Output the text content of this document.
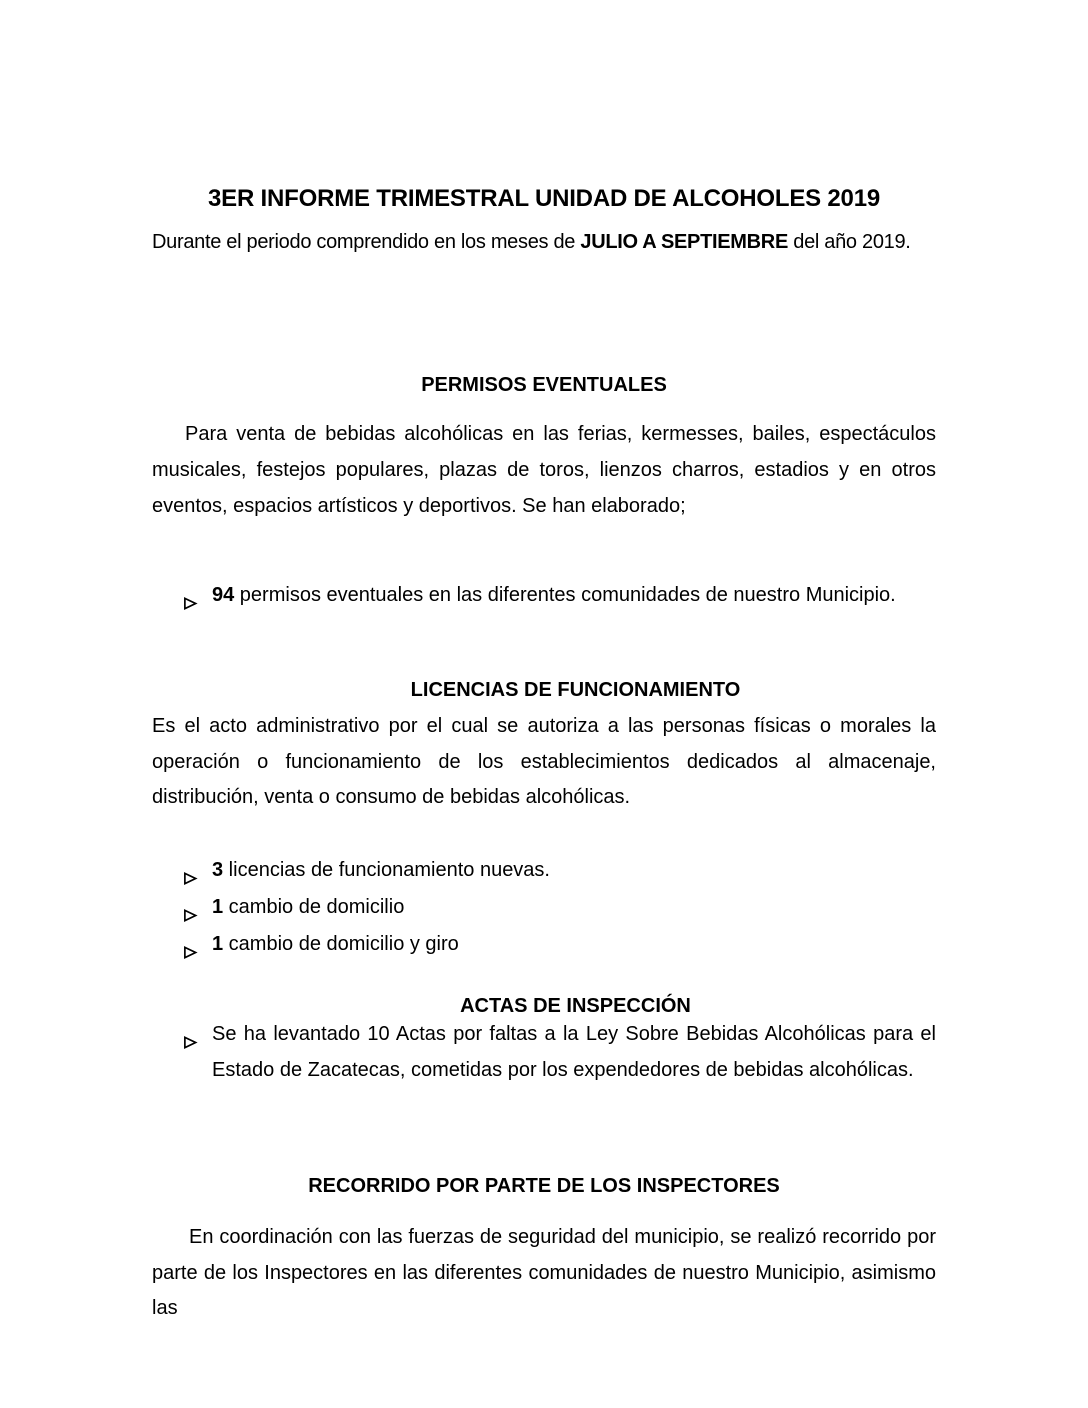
3ER INFORME TRIMESTRAL UNIDAD DE ALCOHOLES 2019
Durante el periodo comprendido en los meses de JULIO A SEPTIEMBRE del año 2019.
PERMISOS EVENTUALES
Para venta de bebidas alcohólicas en las ferias, kermesses, bailes, espectáculos musicales, festejos populares, plazas de toros, lienzos charros, estadios y en otros eventos, espacios artísticos y deportivos. Se han elaborado;
94 permisos eventuales en las diferentes comunidades de nuestro Municipio.
LICENCIAS DE FUNCIONAMIENTO
Es el acto administrativo por el cual se autoriza a las personas físicas o morales la operación o funcionamiento de los establecimientos dedicados al almacenaje, distribución, venta o consumo de bebidas alcohólicas.
3 licencias de funcionamiento nuevas.
1 cambio de domicilio
1 cambio de domicilio y giro
ACTAS DE INSPECCIÓN
Se ha levantado 10 Actas por faltas a la Ley Sobre Bebidas Alcohólicas para el Estado de Zacatecas, cometidas por los expendedores de bebidas alcohólicas.
RECORRIDO POR PARTE DE LOS INSPECTORES
En coordinación con las fuerzas de seguridad del municipio, se realizó recorrido por parte de los Inspectores en las diferentes comunidades de nuestro Municipio, asimismo las
